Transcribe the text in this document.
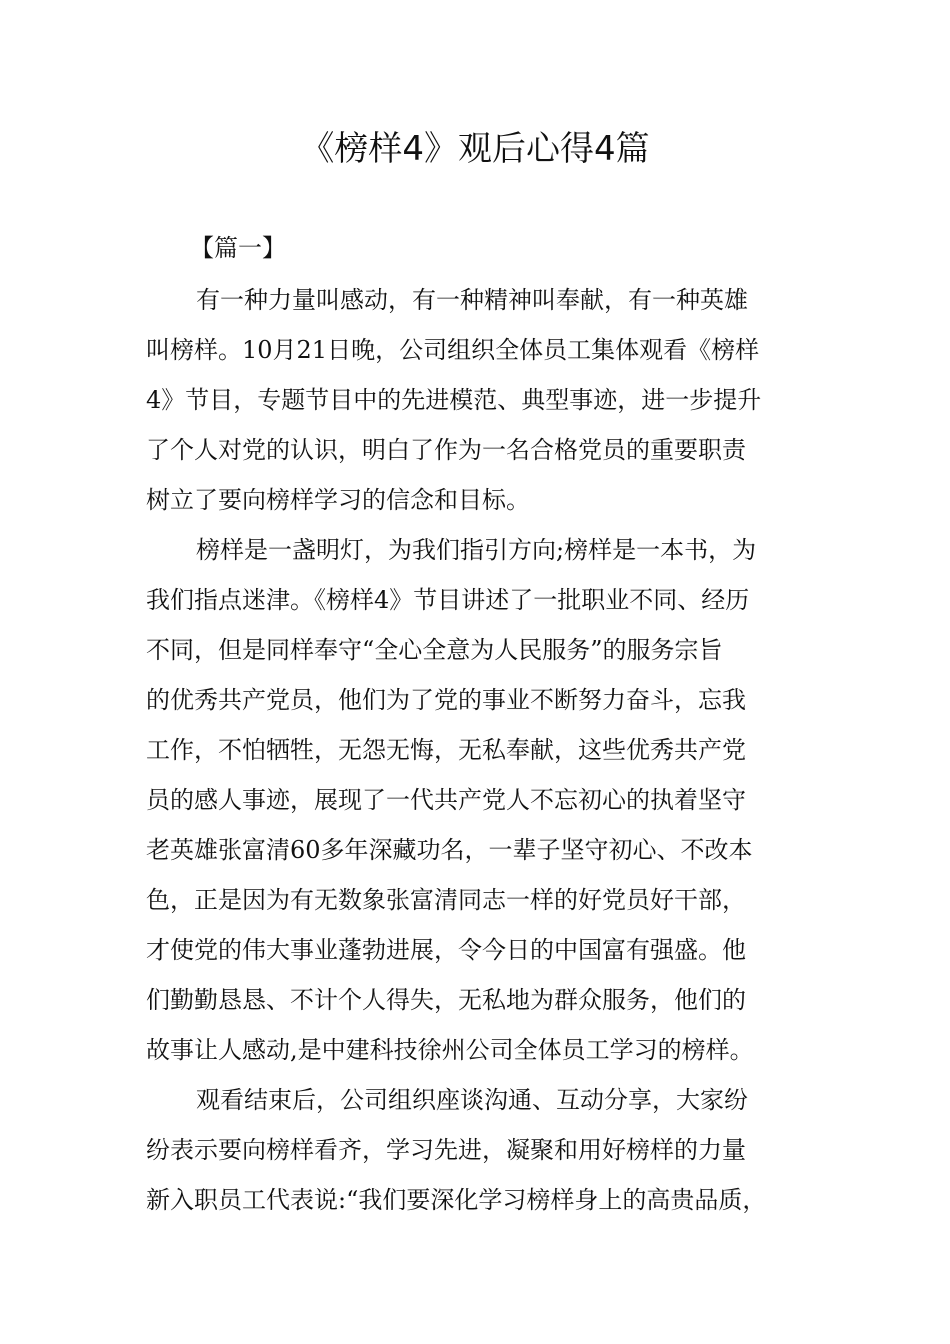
《榜样4》观后心得4篇

【篇一】

有一种力量叫感动，有一种精神叫奉献，有一种英雄

叫榜样。10月21日晚，公司组织全体员工集体观看《榜样

4》节目，专题节目中的先进模范、典型事迹，进一步提升

了个人对党的认识，明白了作为一名合格党员的重要职责

树立了要向榜样学习的信念和目标。

榜样是一盏明灯，为我们指引方向;榜样是一本书，为

我们指点迷津。《榜样4》节目讲述了一批职业不同、经历

不同，但是同样奉守“全心全意为人民服务”的服务宗旨

的优秀共产党员，他们为了党的事业不断努力奋斗，忘我

工作，不怕牺牲，无怨无悔，无私奉献，这些优秀共产党

员的感人事迹，展现了一代共产党人不忘初心的执着坚守

老英雄张富清60多年深藏功名，一辈子坚守初心、不改本

色，正是因为有无数象张富清同志一样的好党员好干部，

才使党的伟大事业蓬勃进展，令今日的中国富有强盛。他

们勤勤恳恳、不计个人得失，无私地为群众服务，他们的

故事让人感动,是中建科技徐州公司全体员工学习的榜样。

观看结束后，公司组织座谈沟通、互动分享，大家纷

纷表示要向榜样看齐，学习先进，凝聚和用好榜样的力量

新入职员工代表说:“我们要深化学习榜样身上的高贵品质，
